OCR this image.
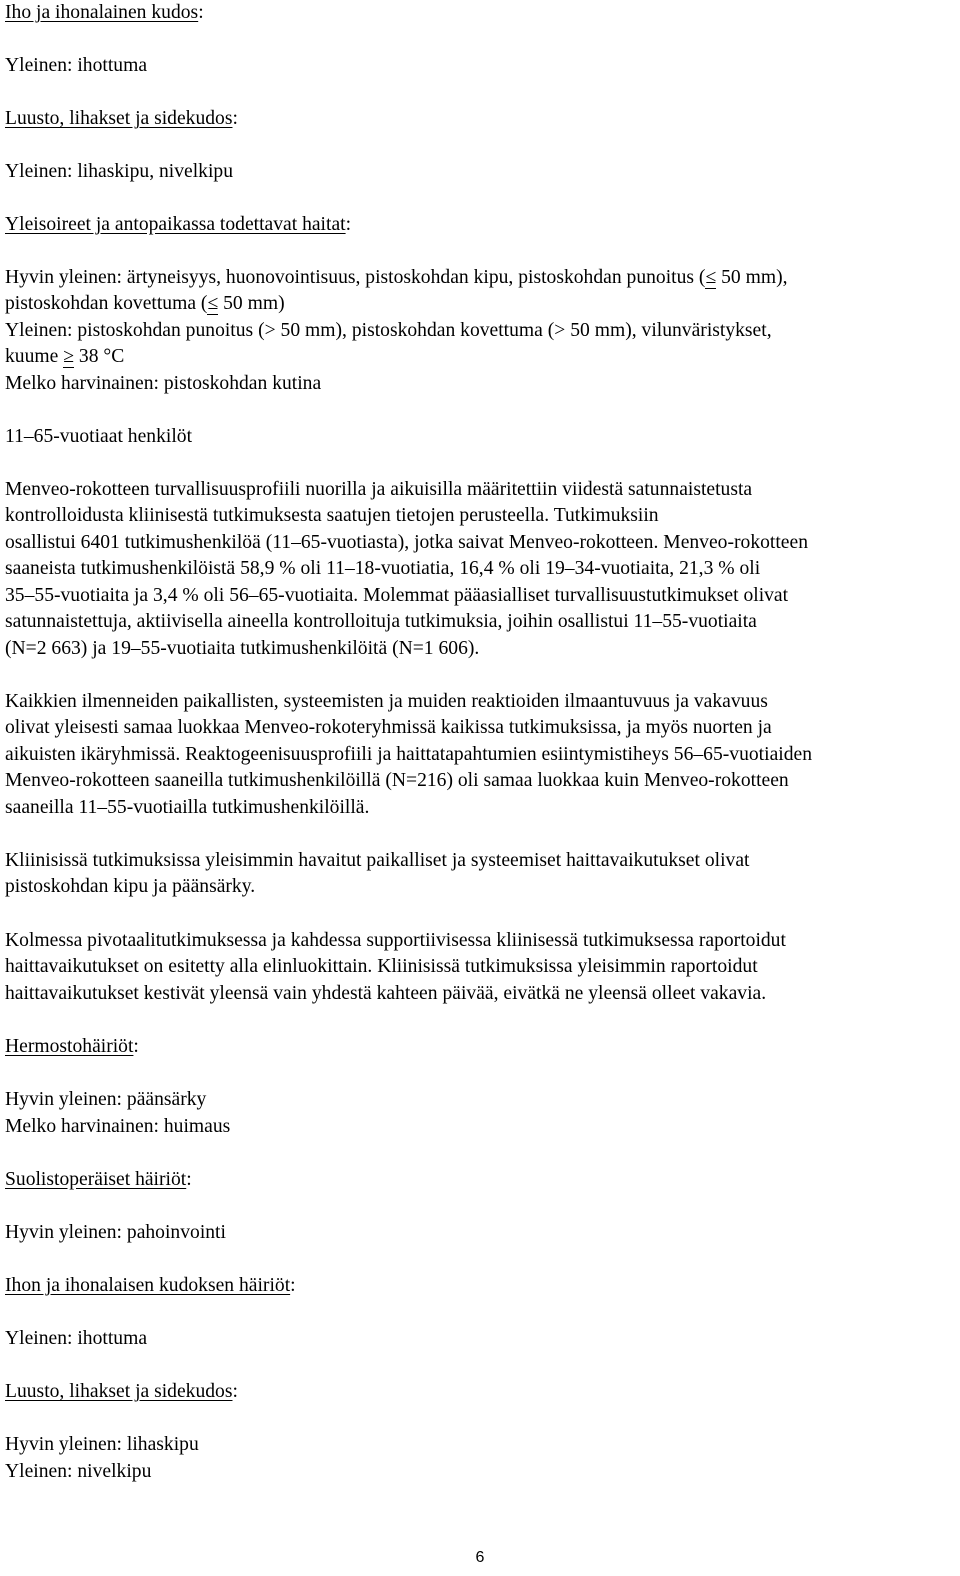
Iho ja ihonalainen kudos:
Yleinen: ihottuma
Luusto, lihakset ja sidekudos:
Yleinen: lihaskipu, nivelkipu
Yleisoireet ja antopaikassa todettavat haitat:
Hyvin yleinen: ärtyneisyys, huonovointisuus, pistoskohdan kipu, pistoskohdan punoitus (≤ 50 mm),
pistoskohdan kovettuma (≤ 50 mm)
Yleinen: pistoskohdan punoitus (> 50 mm), pistoskohdan kovettuma (> 50 mm), vilunväristykset,
kuume ≥ 38 °C
Melko harvinainen: pistoskohdan kutina
11–65-vuotiaat henkilöt
Menveo-rokotteen turvallisuusprofiili nuorilla ja aikuisilla määritettiin viidestä satunnaistetusta
kontrolloidusta kliinisestä tutkimuksesta saatujen tietojen perusteella. Tutkimuksiin
osallistui 6401 tutkimushenkilöä (11–65-vuotiasta), jotka saivat Menveo-rokotteen. Menveo-rokotteen
saaneista tutkimushenkilöistä 58,9 % oli 11–18-vuotiatia, 16,4 % oli 19–34-vuotiaita, 21,3 % oli
35–55-vuotiaita ja 3,4 % oli 56–65-vuotiaita. Molemmat pääasialliset turvallisuustutkimukset olivat
satunnaistettuja, aktiivisella aineella kontrolloituja tutkimuksia, joihin osallistui 11–55-vuotiaita
(N=2 663) ja 19–55-vuotiaita tutkimushenkilöitä (N=1 606).
Kaikkien ilmenneiden paikallisten, systeemisten ja muiden reaktioiden ilmaantuvuus ja vakavuus
olivat yleisesti samaa luokkaa Menveo-rokoteryhmissä kaikissa tutkimuksissa, ja myös nuorten ja
aikuisten ikäryhmissä. Reaktogeenisuusprofiili ja haittatapahtumien esiintymistiheys 56–65-vuotiaiden
Menveo-rokotteen saaneilla tutkimushenkilöillä (N=216) oli samaa luokkaa kuin Menveo-rokotteen
saaneilla 11–55-vuotiailla tutkimushenkilöillä.
Kliinisissä tutkimuksissa yleisimmin havaitut paikalliset ja systeemiset haittavaikutukset olivat
pistoskohdan kipu ja päänsärky.
Kolmessa pivotaalitutkimuksessa ja kahdessa supportiivisessa kliinisessä tutkimuksessa raportoidut
haittavaikutukset on esitetty alla elinluokittain. Kliinisissä tutkimuksissa yleisimmin raportoidut
haittavaikutukset kestivät yleensä vain yhdestä kahteen päivää, eivätkä ne yleensä olleet vakavia.
Hermostohäiriöt:
Hyvin yleinen: päänsärky
Melko harvinainen: huimaus
Suolistoperäiset häiriöt:
Hyvin yleinen: pahoinvointi
Ihon ja ihonalaisen kudoksen häiriöt:
Yleinen: ihottuma
Luusto, lihakset ja sidekudos:
Hyvin yleinen: lihaskipu
Yleinen: nivelkipu
6
